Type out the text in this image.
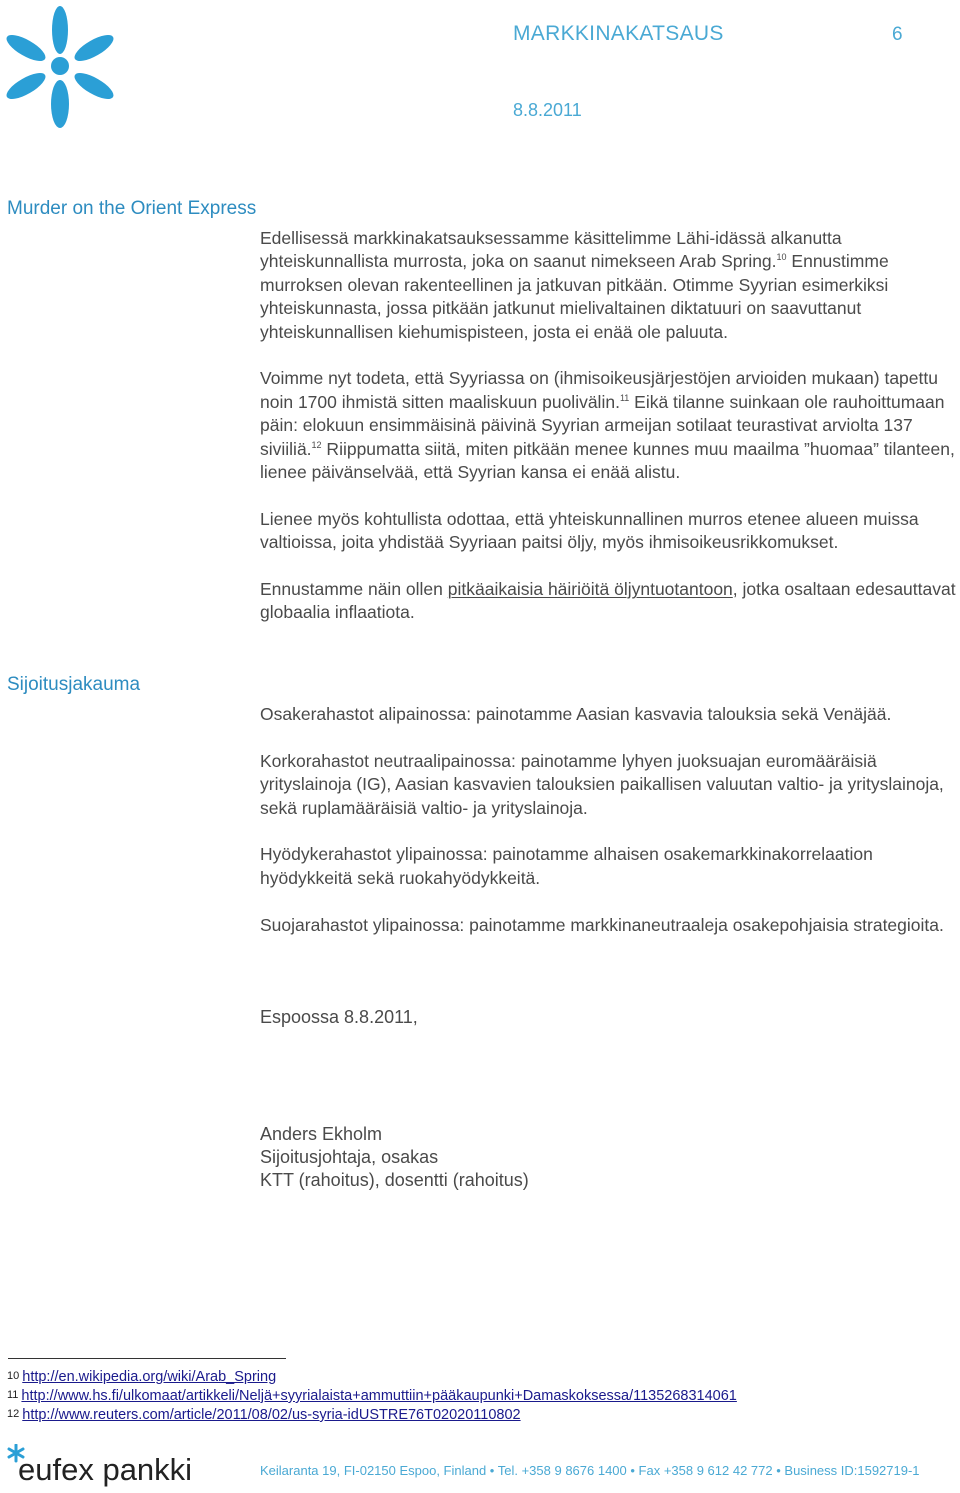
MARKKINAKATSAUS	6
8.8.2011
Murder on the Orient Express

Edellisessä markkinakatsauksessamme käsittelimme Lähi-idässä alkanutta yhteiskunnallista murrosta, joka on saanut nimekseen Arab Spring.$^{10}$ Ennustimme murroksen olevan rakenteellinen ja jatkuvan pitkään. Otimme Syyrian esimerkiksi yhteiskunnasta, jossa pitkään jatkunut mielivaltainen diktatuuri on saavuttanut yhteiskunnallisen kiehumispisteen, josta ei enää ole paluuta.

Voimme nyt todeta, että Syyriassa on (ihmisoikeusjärjestöjen arvioiden mukaan) tapettu noin 1700 ihmistä sitten maaliskuun puolivälin.$^{11}$ Eikä tilanne suinkaan ole rauhoittumaan päin: elokuun ensimmäisinä päivinä Syyrian armeijan sotilaat teurastivat arviolta 137 siviiliä.$^{12}$ Riippumatta siitä, miten pitkään menee kunnes muu maailma ”huomaa” tilanteen, lienee päivänselvää, että Syyrian kansa ei enää alistu.

Lienee myös kohtullista odottaa, että yhteiskunnallinen murros etenee alueen muissa valtioissa, joita yhdistää Syyriaan paitsi öljy, myös ihmisoikeusrikkomukset.

Ennustamme näin ollen pitkäaikaisia häiriöitä öljyntuotantoon, jotka osaltaan edesauttavat globaalia inflaatiota.

Sijoitusjakauma

Osakerahastot alipainossa: painotamme Aasian kasvavia talouksia sekä Venäjää.

Korkorahastot neutraalipainossa: painotamme lyhyen juoksuajan euromääräisiä yrityslainoja (IG), Aasian kasvavien talouksien paikallisen valuutan valtio- ja yrityslainoja, sekä ruplamääräisiä valtio- ja yrityslainoja.

Hyödykerahastot ylipainossa: painotamme alhaisen osakemarkkinakorrelaation hyödykkeitä sekä ruokahyödykkeitä.

Suojarahastot ylipainossa: painotamme markkinaneutraaleja osakepohjaisia strategioita.

Espoossa 8.8.2011,
Anders Ekholm
Sijoitusjohtaja, osakas
KTT (rahoitus), dosentti (rahoitus)
10 http://en.wikipedia.org/wiki/Arab_Spring
11 http://www.hs.fi/ulkomaat/artikkeli/Neljä+syyrialaista+ammuttiin+pääkaupunki+Damaskoksessa/1135268314061
12 http://www.reuters.com/article/2011/08/02/us-syria-idUSTRE76T02020110802
eufex pankki	Keilaranta 19, FI-02150 Espoo, Finland • Tel. +358 9 8676 1400 • Fax +358 9 612 42 772 • Business ID:1592719-1
